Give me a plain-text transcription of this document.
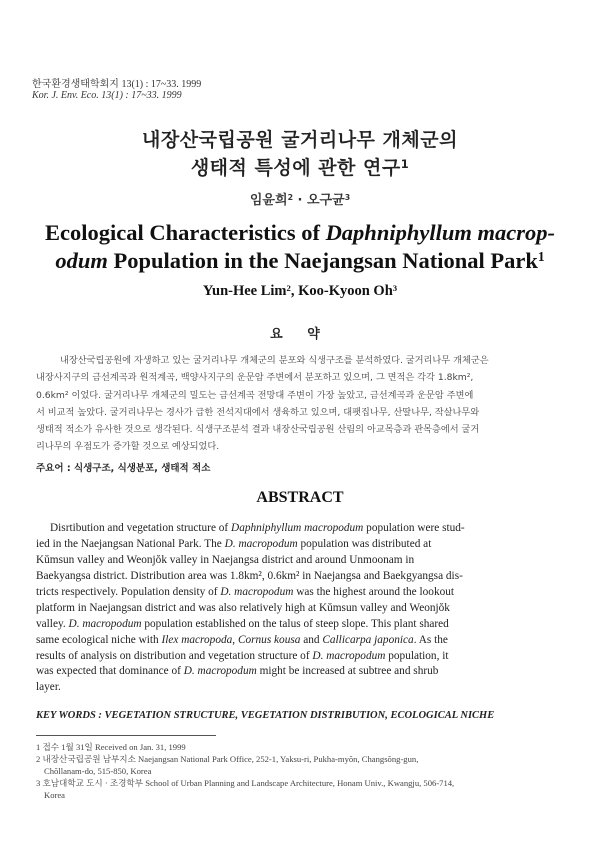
한국환경생태학회지 13(1) : 17~33. 1999
Kor. J. Env. Eco. 13(1) : 17~33. 1999
내장산국립공원 굴거리나무 개체군의
생태적 특성에 관한 연구$^1$
임윤희$^2$ · 오구균$^3$
Ecological Characteristics of Daphniphyllum macrop-
odum Population in the Naejangsan National Park$^1$
Yun-Hee Lim$^2$, Koo-Kyoon Oh$^3$
요 약
내장산국립공원에 자생하고 있는 굴거리나무 개체군의 분포와 식생구조를 분석하였다. 굴거리나무 개체군은
내장사지구의 금선계곡과 원적계곡, 백양사지구의 운문암 주변에서 분포하고 있으며, 그 면적은 각각 1.8km²,
0.6km² 이었다. 굴거리나무 개체군의 밀도는 금선계곡 전망대 주변이 가장 높았고, 금선계곡과 운문암 주변에
서 비교적 높았다. 굴거리나무는 경사가 급한 전석지대에서 생육하고 있으며, 대팻집나무, 산딸나무, 작살나무와
생태적 적소가 유사한 것으로 생각된다. 식생구조분석 결과 내장산국립공원 산림의 아교목층과 관목층에서 굴거
리나무의 우점도가 증가할 것으로 예상되었다.
주요어 : 식생구조, 식생분포, 생태적 적소
ABSTRACT
Disrtibution and vegetation structure of Daphniphyllum macropodum population were stud-
ied in the Naejangsan National Park. The D. macropodum population was distributed at
Kŭmsun valley and Weonjŏk valley in Naejangsa district and around Unmoonam in
Baekyangsa district. Distribution area was 1.8km², 0.6km² in Naejangsa and Baekgyangsa dis-
tricts respectively. Population density of D. macropodum was the highest around the lookout
platform in Naejangsan district and was also relatively high at Kŭmsun valley and Weonjŏk
valley. D. macropodum population established on the talus of steep slope. This plant shared
same ecological niche with Ilex macropoda, Cornus kousa and Callicarpa japonica. As the
results of analysis on distribution and vegetation structure of D. macropodum population, it
was expected that dominance of D. macropodum might be increased at subtree and shrub
layer.
KEY WORDS : VEGETATION STRUCTURE, VEGETATION DISTRIBUTION, ECOLOGICAL NICHE
1 접수 1월 31일 Received on Jan. 31, 1999
2 내장산국립공원 남부지소 Naejangsan National Park Office, 252-1, Yaksu-ri, Pukha-myŏn, Changsŏng-gun,
Chŏllanam-do, 515-850, Korea
3 호남대학교 도시 · 조경학부 School of Urban Planning and Landscape Architecture, Honam Univ., Kwangju, 506-714,
Korea
